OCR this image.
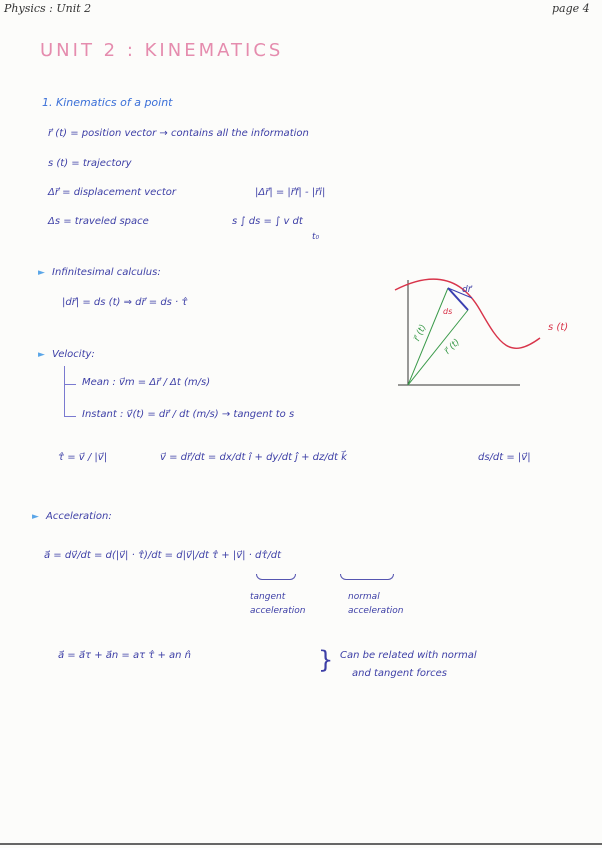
Physics : Unit 2	page 4
UNIT 2 : KINEMATICS
1. Kinematics of a point
r⃗ (t) = position vector → contains all the information
s (t) = trajectory
Δr⃗ = displacement vector	|Δr⃗| = |r⃗f| - |r⃗i|
Δs = traveled space	s ∫ ds = ∫ v dt
t₀
► Infinitesimal calculus:
|dr⃗| = ds (t) ⇒ dr⃗ = ds · τ̂
s (t)
dr⃗
ds
r⃗ (t)
r⃗ (t)
► Velocity:
Mean : v⃗m = Δr⃗ / Δt (m/s)
Instant : v⃗(t) = dr⃗ / dt (m/s) → tangent to s
τ̂ = v⃗ / |v⃗|	v⃗ = dr⃗/dt = dx/dt î + dy/dt ĵ + dz/dt k⃗	ds/dt = |v⃗|
► Acceleration:
a⃗ = dv⃗/dt = d(|v⃗| · τ̂)/dt = d|v⃗|/dt τ̂ + |v⃗| · dτ̂/dt
tangent acceleration
normal acceleration
a⃗ = a⃗τ + a⃗n = aτ τ̂ + an n̂	} Can be related with normal
and tangent forces
